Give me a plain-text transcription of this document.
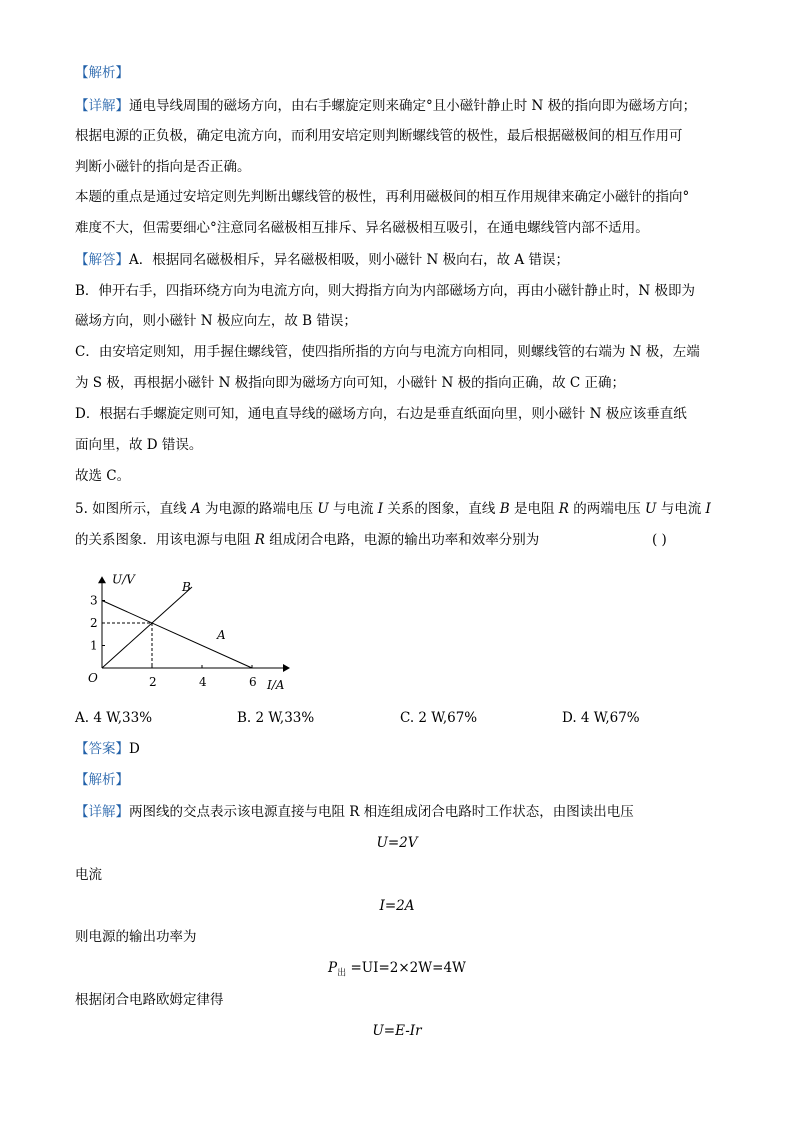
【解析】
【详解】通电导线周围的磁场方向，由右手螺旋定则来确定°且小磁针静止时 N 极的指向即为磁场方向；
根据电源的正负极，确定电流方向，而利用安培定则判断螺线管的极性，最后根据磁极间的相互作用可
判断小磁针的指向是否正确。
本题的重点是通过安培定则先判断出螺线管的极性，再利用磁极间的相互作用规律来确定小磁针的指向°
难度不大，但需要细心°注意同名磁极相互排斥、异名磁极相互吸引，在通电螺线管内部不适用。
【解答】A．根据同名磁极相斥，异名磁极相吸，则小磁针 N 极向右，故 A 错误；
B．伸开右手，四指环绕方向为电流方向，则大拇指方向为内部磁场方向，再由小磁针静止时，N 极即为
磁场方向，则小磁针 N 极应向左，故 B 错误；
C．由安培定则知，用手握住螺线管，使四指所指的方向与电流方向相同，则螺线管的右端为 N 极，左端
为 S 极，再根据小磁针 N 极指向即为磁场方向可知，小磁针 N 极的指向正确，故 C 正确；
D．根据右手螺旋定则可知，通电直导线的磁场方向，右边是垂直纸面向里，则小磁针 N 极应该垂直纸
面向里，故 D 错误。
故选 C。
5. 如图所示，直线 A 为电源的路端电压 U 与电流 I 关系的图象，直线 B 是电阻 R 的两端电压 U 与电流 I
的关系图象．用该电源与电阻 R 组成闭合电路，电源的输出功率和效率分别为	( )
I/A
U/V
O	2	4	6
1
2
3
A
B
A. 4 W,33%	B. 2 W,33%	C. 2 W,67%	D. 4 W,67%
【答案】D
【解析】
【详解】两图线的交点表示该电源直接与电阻 R 相连组成闭合电路时工作状态，由图读出电压
U=2V
电流
I=2A
则电源的输出功率为
$P_出 =UI=2\times 2W=4W$
根据闭合电路欧姆定律得
U=E-Ir
